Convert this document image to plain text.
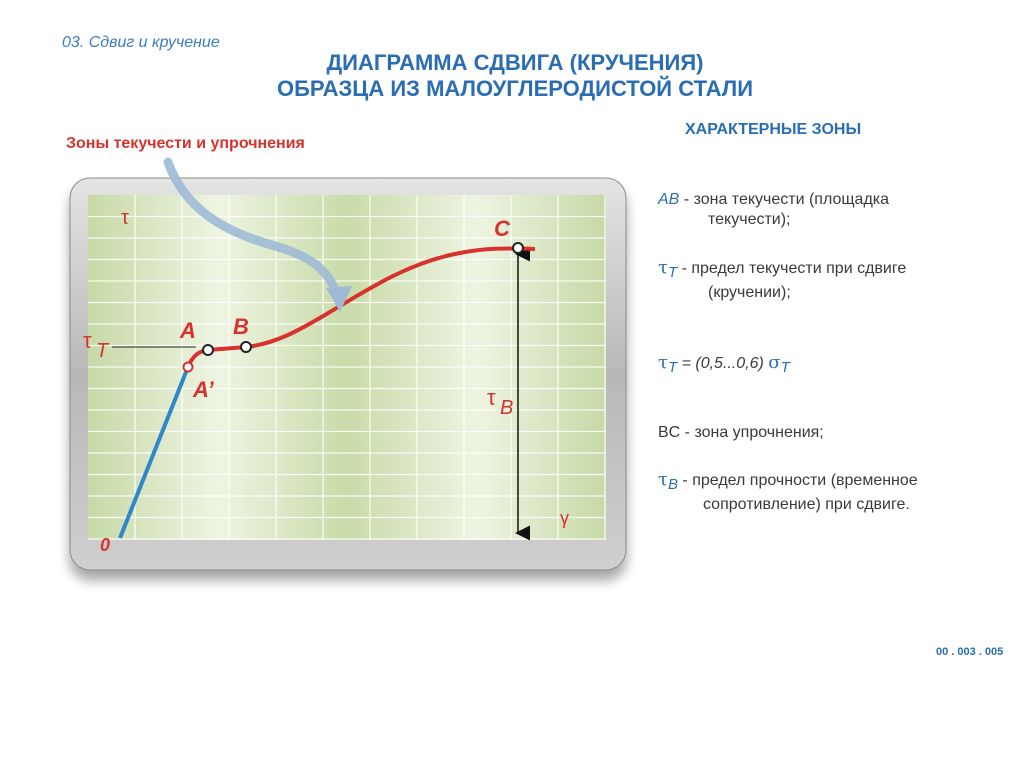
03. Сдвиг и кручение
ДИАГРАММА СДВИГА (КРУЧЕНИЯ)
ОБРАЗЦА ИЗ МАЛОУГЛЕРОДИСТОЙ СТАЛИ
Зоны текучести и упрочнения
τ
γ
0
τ T
τ B
A
A’
B
C
ХАРАКТЕРНЫЕ ЗОНЫ
AB - зона текучести (площадка
текучести);
$\tau_T$ - предел текучести при сдвиге
(кручении);
$\tau_T = (0,5...0,6)$ $\sigma_T$
BC - зона упрочнения;
$\tau_B$ - предел прочности (временное
сопротивление) при сдвиге.
00 . 003 . 005
